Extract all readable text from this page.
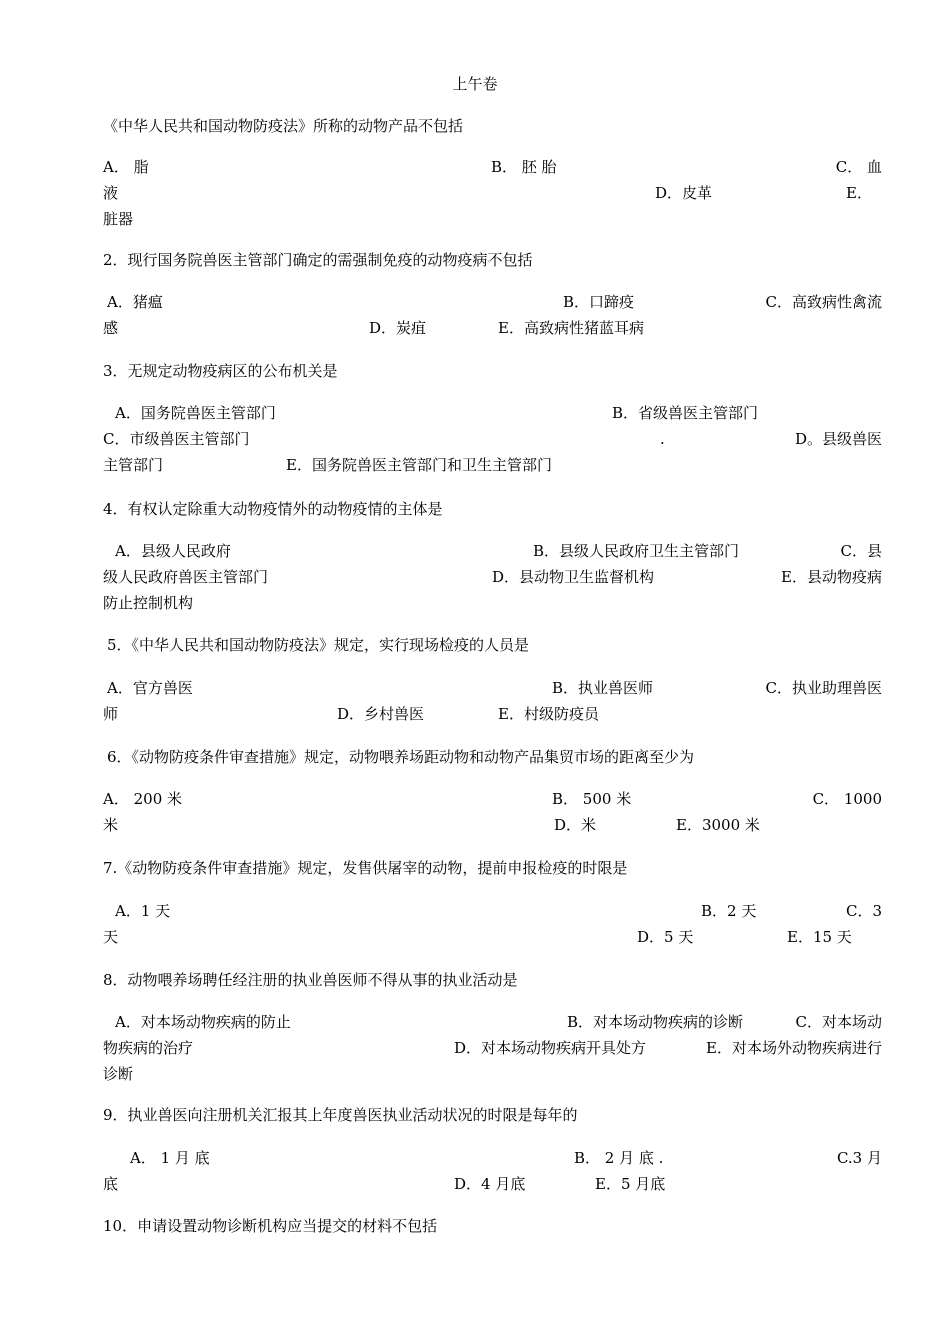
上午卷
《中华人民共和国动物防疫法》所称的动物产品不包括
A． 脂	B． 胚 胎	C． 血
液	D．皮革	E．
脏器
2．现行国务院兽医主管部门确定的需强制免疫的动物疫病不包括
A．猪瘟	B．口蹄疫	C．高致病性禽流
感	D．炭疽	E．高致病性猪蓝耳病
3．无规定动物疫病区的公布机关是
A．国务院兽医主管部门	B．省级兽医主管部门
C．市级兽医主管部门	.	D。县级兽医
主管部门	E．国务院兽医主管部门和卫生主管部门
4．有权认定除重大动物疫情外的动物疫情的主体是
A．县级人民政府	B．县级人民政府卫生主管部门	C．县
级人民政府兽医主管部门	D．县动物卫生监督机构	E．县动物疫病
防止控制机构
5．《中华人民共和国动物防疫法》规定，实行现场检疫的人员是
A．官方兽医	B．执业兽医师	C．执业助理兽医
师	D．乡村兽医	E．村级防疫员
6．《动物防疫条件审查措施》规定，动物喂养场距动物和动物产品集贸市场的距离至少为
A． 200 米	B． 500 米	C． 1000
米	D．米	E．3000 米
7.《动物防疫条件审查措施》规定，发售供屠宰的动物，提前申报检疫的时限是
A．1 天	B．2 天	C．3
天	D．5 天	E．15 天
8．动物喂养场聘任经注册的执业兽医师不得从事的执业活动是
A．对本场动物疾病的防止	B．对本场动物疾病的诊断	C．对本场动
物疾病的治疗	D．对本场动物疾病开具处方	E．对本场外动物疾病进行
诊断
9．执业兽医向注册机关汇报其上年度兽医执业活动状况的时限是每年的
A． 1 月 底	B． 2 月 底 .	C.3 月
底	D．4 月底	E．5 月底
10．申请设置动物诊断机构应当提交的材料不包括
